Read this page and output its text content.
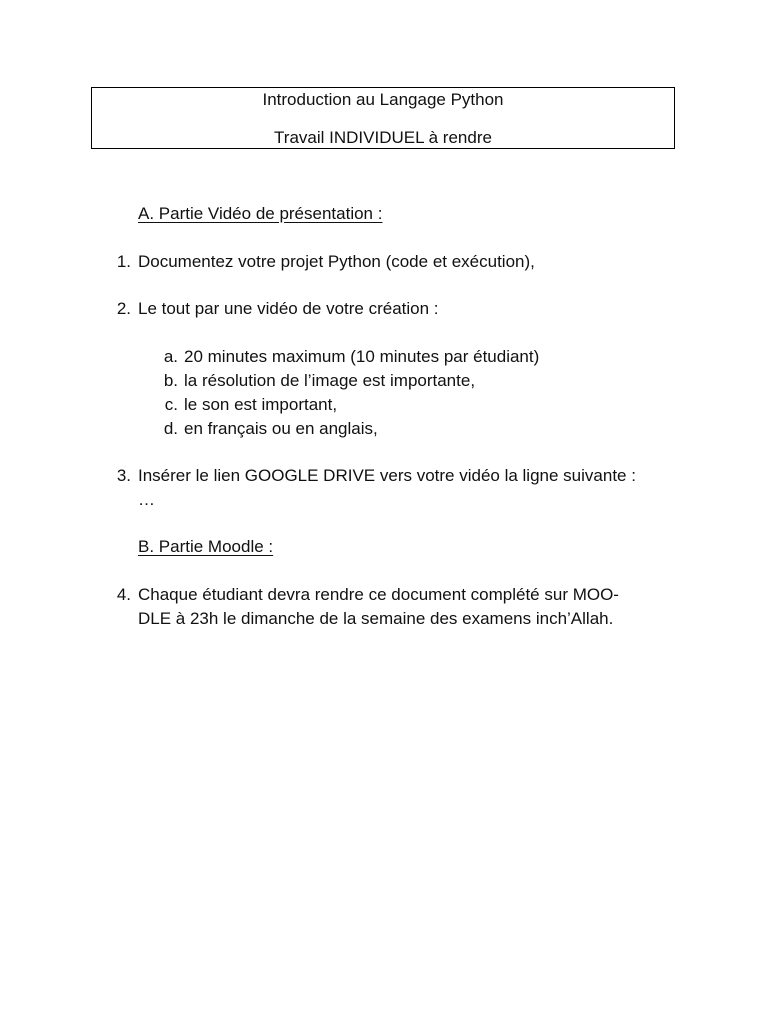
Introduction au Langage Python
Travail INDIVIDUEL à rendre
A. Partie Vidéo de présentation :
1. Documentez votre projet Python (code et exécution),
2. Le tout par une vidéo de votre création :
a. 20 minutes maximum (10 minutes par étudiant)
b. la résolution de l’image est importante,
c. le son est important,
d. en français ou en anglais,
3. Insérer le lien GOOGLE DRIVE vers votre vidéo la ligne suivante :
…
B. Partie Moodle :
4. Chaque étudiant devra rendre ce document complété sur MOO-
DLE à 23h le dimanche de la semaine des examens inch’Allah.
